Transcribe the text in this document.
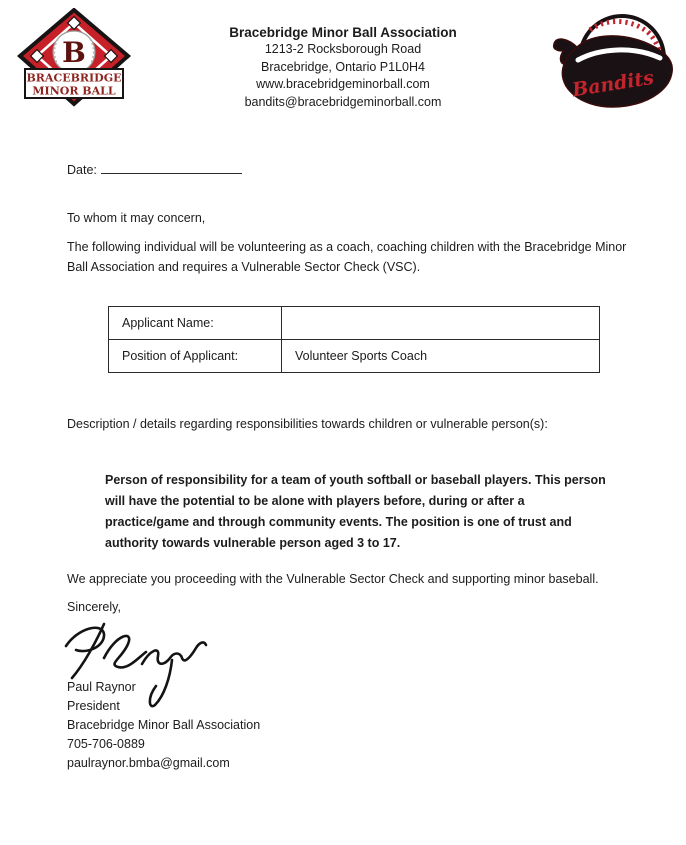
B
BRACEBRIDGE
MINOR BALL
Bracebridge Minor Ball Association
1213-2 Rocksborough Road
Bracebridge, Ontario P1L0H4
www.bracebridgeminorball.com
bandits@bracebridgeminorball.com
Bandits
Date:
To whom it may concern,
The following individual will be volunteering as a coach, coaching children with the Bracebridge Minor Ball Association and requires a Vulnerable Sector Check (VSC).
Applicant Name:	
Position of Applicant:	Volunteer Sports Coach
Description / details regarding responsibilities towards children or vulnerable person(s):
Person of responsibility for a team of youth softball or baseball players. This person will have the potential to be alone with players before, during or after a practice/game and through community events. The position is one of trust and authority towards vulnerable person aged 3 to 17.
We appreciate you proceeding with the Vulnerable Sector Check and supporting minor baseball.
Sincerely,
Paul Raynor
President
Bracebridge Minor Ball Association
705-706-0889
paulraynor.bmba@gmail.com
